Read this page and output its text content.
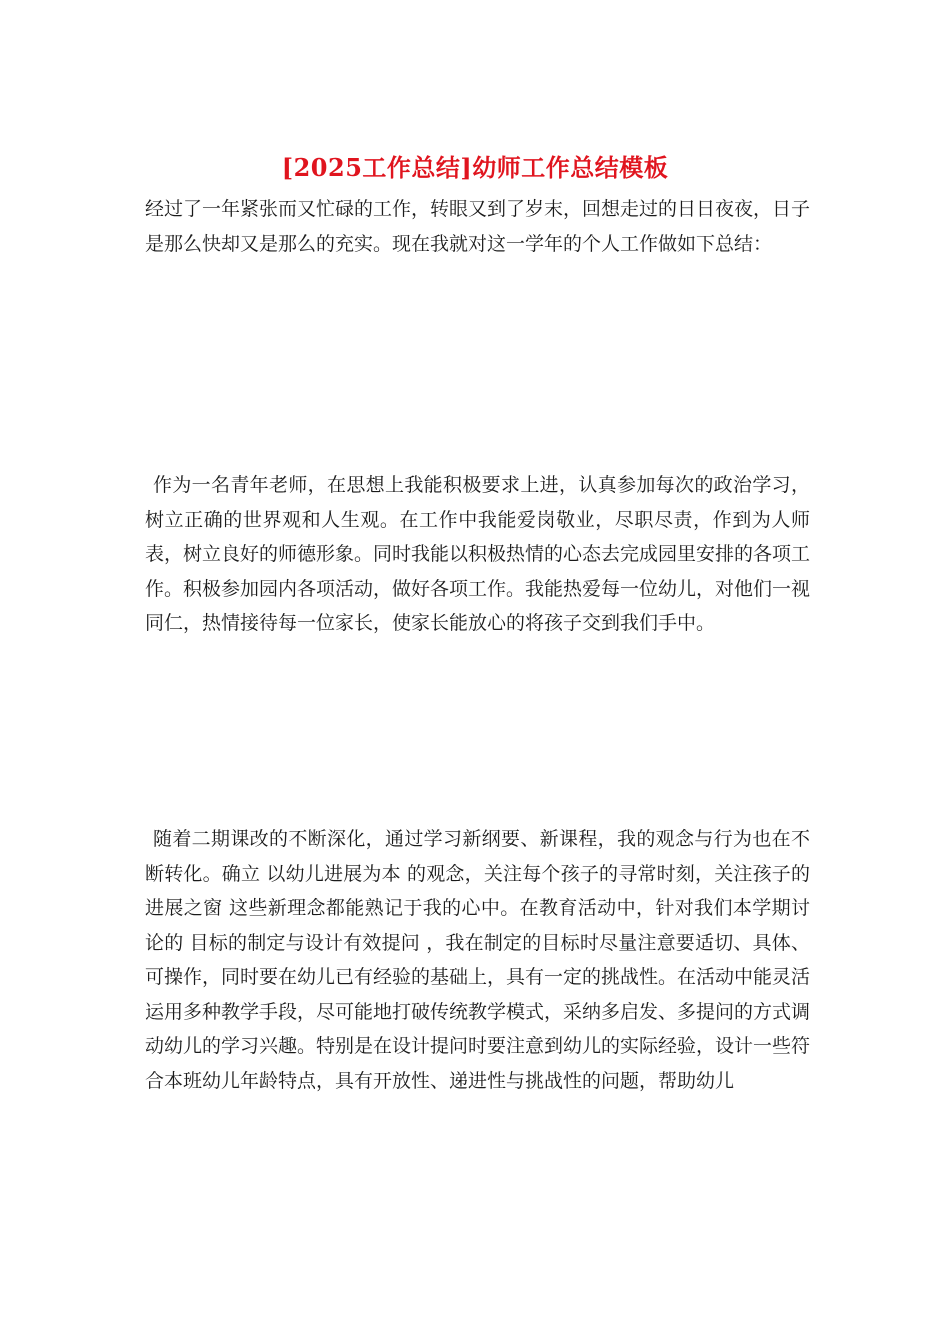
[2025工作总结]幼师工作总结模板

经过了一年紧张而又忙碌的工作，转眼又到了岁末，回想走过的日日夜夜，日子是那么快却又是那么的充实。现在我就对这一学年的个人工作做如下总结：

作为一名青年老师，在思想上我能积极要求上进，认真参加每次的政治学习，树立正确的世界观和人生观。在工作中我能爱岗敬业，尽职尽责，作到为人师表，树立良好的师德形象。同时我能以积极热情的心态去完成园里安排的各项工作。积极参加园内各项活动，做好各项工作。我能热爱每一位幼儿，对他们一视同仁，热情接待每一位家长，使家长能放心的将孩子交到我们手中。

随着二期课改的不断深化，通过学习新纲要、新课程，我的观念与行为也在不断转化。确立 以幼儿进展为本 的观念，关注每个孩子的寻常时刻，关注孩子的进展之窗 这些新理念都能熟记于我的心中。在教育活动中，针对我们本学期讨论的 目标的制定与设计有效提问 ，我在制定的目标时尽量注意要适切、具体、可操作，同时要在幼儿已有经验的基础上，具有一定的挑战性。在活动中能灵活运用多种教学手段，尽可能地打破传统教学模式，采纳多启发、多提问的方式调动幼儿的学习兴趣。特别是在设计提问时要注意到幼儿的实际经验，设计一些符合本班幼儿年龄特点，具有开放性、递进性与挑战性的问题，帮助幼儿
